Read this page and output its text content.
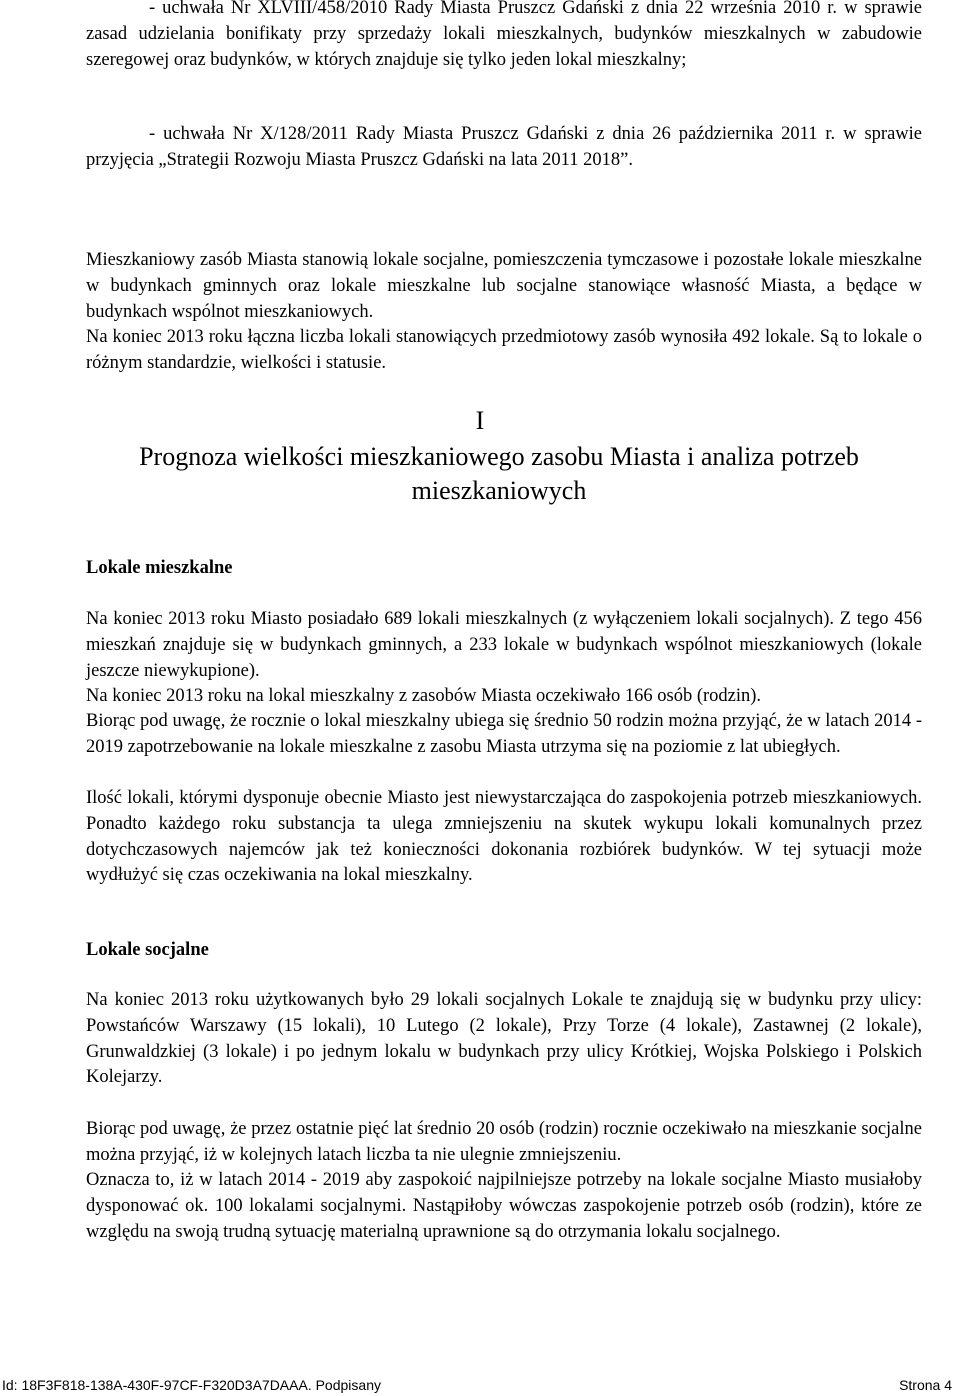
- uchwała Nr XLVIII/458/2010 Rady Miasta Pruszcz Gdański z dnia 22 września 2010 r. w sprawie zasad udzielania bonifikaty przy sprzedaży lokali mieszkalnych, budynków mieszkalnych w zabudowie szeregowej oraz budynków, w których znajduje się tylko jeden lokal mieszkalny;

- uchwała Nr X/128/2011 Rady Miasta Pruszcz Gdański z dnia 26 października 2011 r. w sprawie przyjęcia „Strategii Rozwoju Miasta Pruszcz Gdański na lata 2011 2018”.

Mieszkaniowy zasób Miasta stanowią lokale socjalne, pomieszczenia tymczasowe i pozostałe lokale mieszkalne w budynkach gminnych oraz lokale mieszkalne lub socjalne stanowiące własność Miasta, a będące w budynkach wspólnot mieszkaniowych.

Na koniec 2013 roku łączna liczba lokali stanowiących przedmiotowy zasób wynosiła 492 lokale. Są to lokale o różnym standardzie, wielkości i statusie.

I
Prognoza wielkości mieszkaniowego zasobu Miasta i analiza potrzeb mieszkaniowych
Lokale mieszkalne

Na koniec 2013 roku Miasto posiadało 689 lokali mieszkalnych (z wyłączeniem lokali socjalnych). Z tego 456 mieszkań znajduje się w budynkach gminnych, a 233 lokale w budynkach wspólnot mieszkaniowych (lokale jeszcze niewykupione).

Na koniec 2013 roku na lokal mieszkalny z zasobów Miasta oczekiwało 166 osób (rodzin).

Biorąc pod uwagę, że rocznie o lokal mieszkalny ubiega się średnio 50 rodzin można przyjąć, że w latach 2014 - 2019 zapotrzebowanie na lokale mieszkalne z zasobu Miasta utrzyma się na poziomie z lat ubiegłych.

Ilość lokali, którymi dysponuje obecnie Miasto jest niewystarczająca do zaspokojenia potrzeb mieszkaniowych. Ponadto każdego roku substancja ta ulega zmniejszeniu na skutek wykupu lokali komunalnych przez dotychczasowych najemców jak też konieczności dokonania rozbiórek budynków. W tej sytuacji może wydłużyć się czas oczekiwania na lokal mieszkalny.

Lokale socjalne

Na koniec 2013 roku użytkowanych było 29 lokali socjalnych Lokale te znajdują się w budynku przy ulicy: Powstańców Warszawy (15 lokali), 10 Lutego (2 lokale), Przy Torze (4 lokale), Zastawnej (2 lokale), Grunwaldzkiej (3 lokale) i po jednym lokalu w budynkach przy ulicy Krótkiej, Wojska Polskiego i Polskich Kolejarzy.

Biorąc pod uwagę, że przez ostatnie pięć lat średnio 20 osób (rodzin) rocznie oczekiwało na mieszkanie socjalne można przyjąć, iż w kolejnych latach liczba ta nie ulegnie zmniejszeniu.

Oznacza to, iż w latach 2014 - 2019 aby zaspokoić najpilniejsze potrzeby na lokale socjalne Miasto musiałoby dysponować ok. 100 lokalami socjalnymi. Nastąpiłoby wówczas zaspokojenie potrzeb osób (rodzin), które ze względu na swoją trudną sytuację materialną uprawnione są do otrzymania lokalu socjalnego.

Id: 18F3F818-138A-430F-97CF-F320D3A7DAAA. Podpisany	Strona 4
